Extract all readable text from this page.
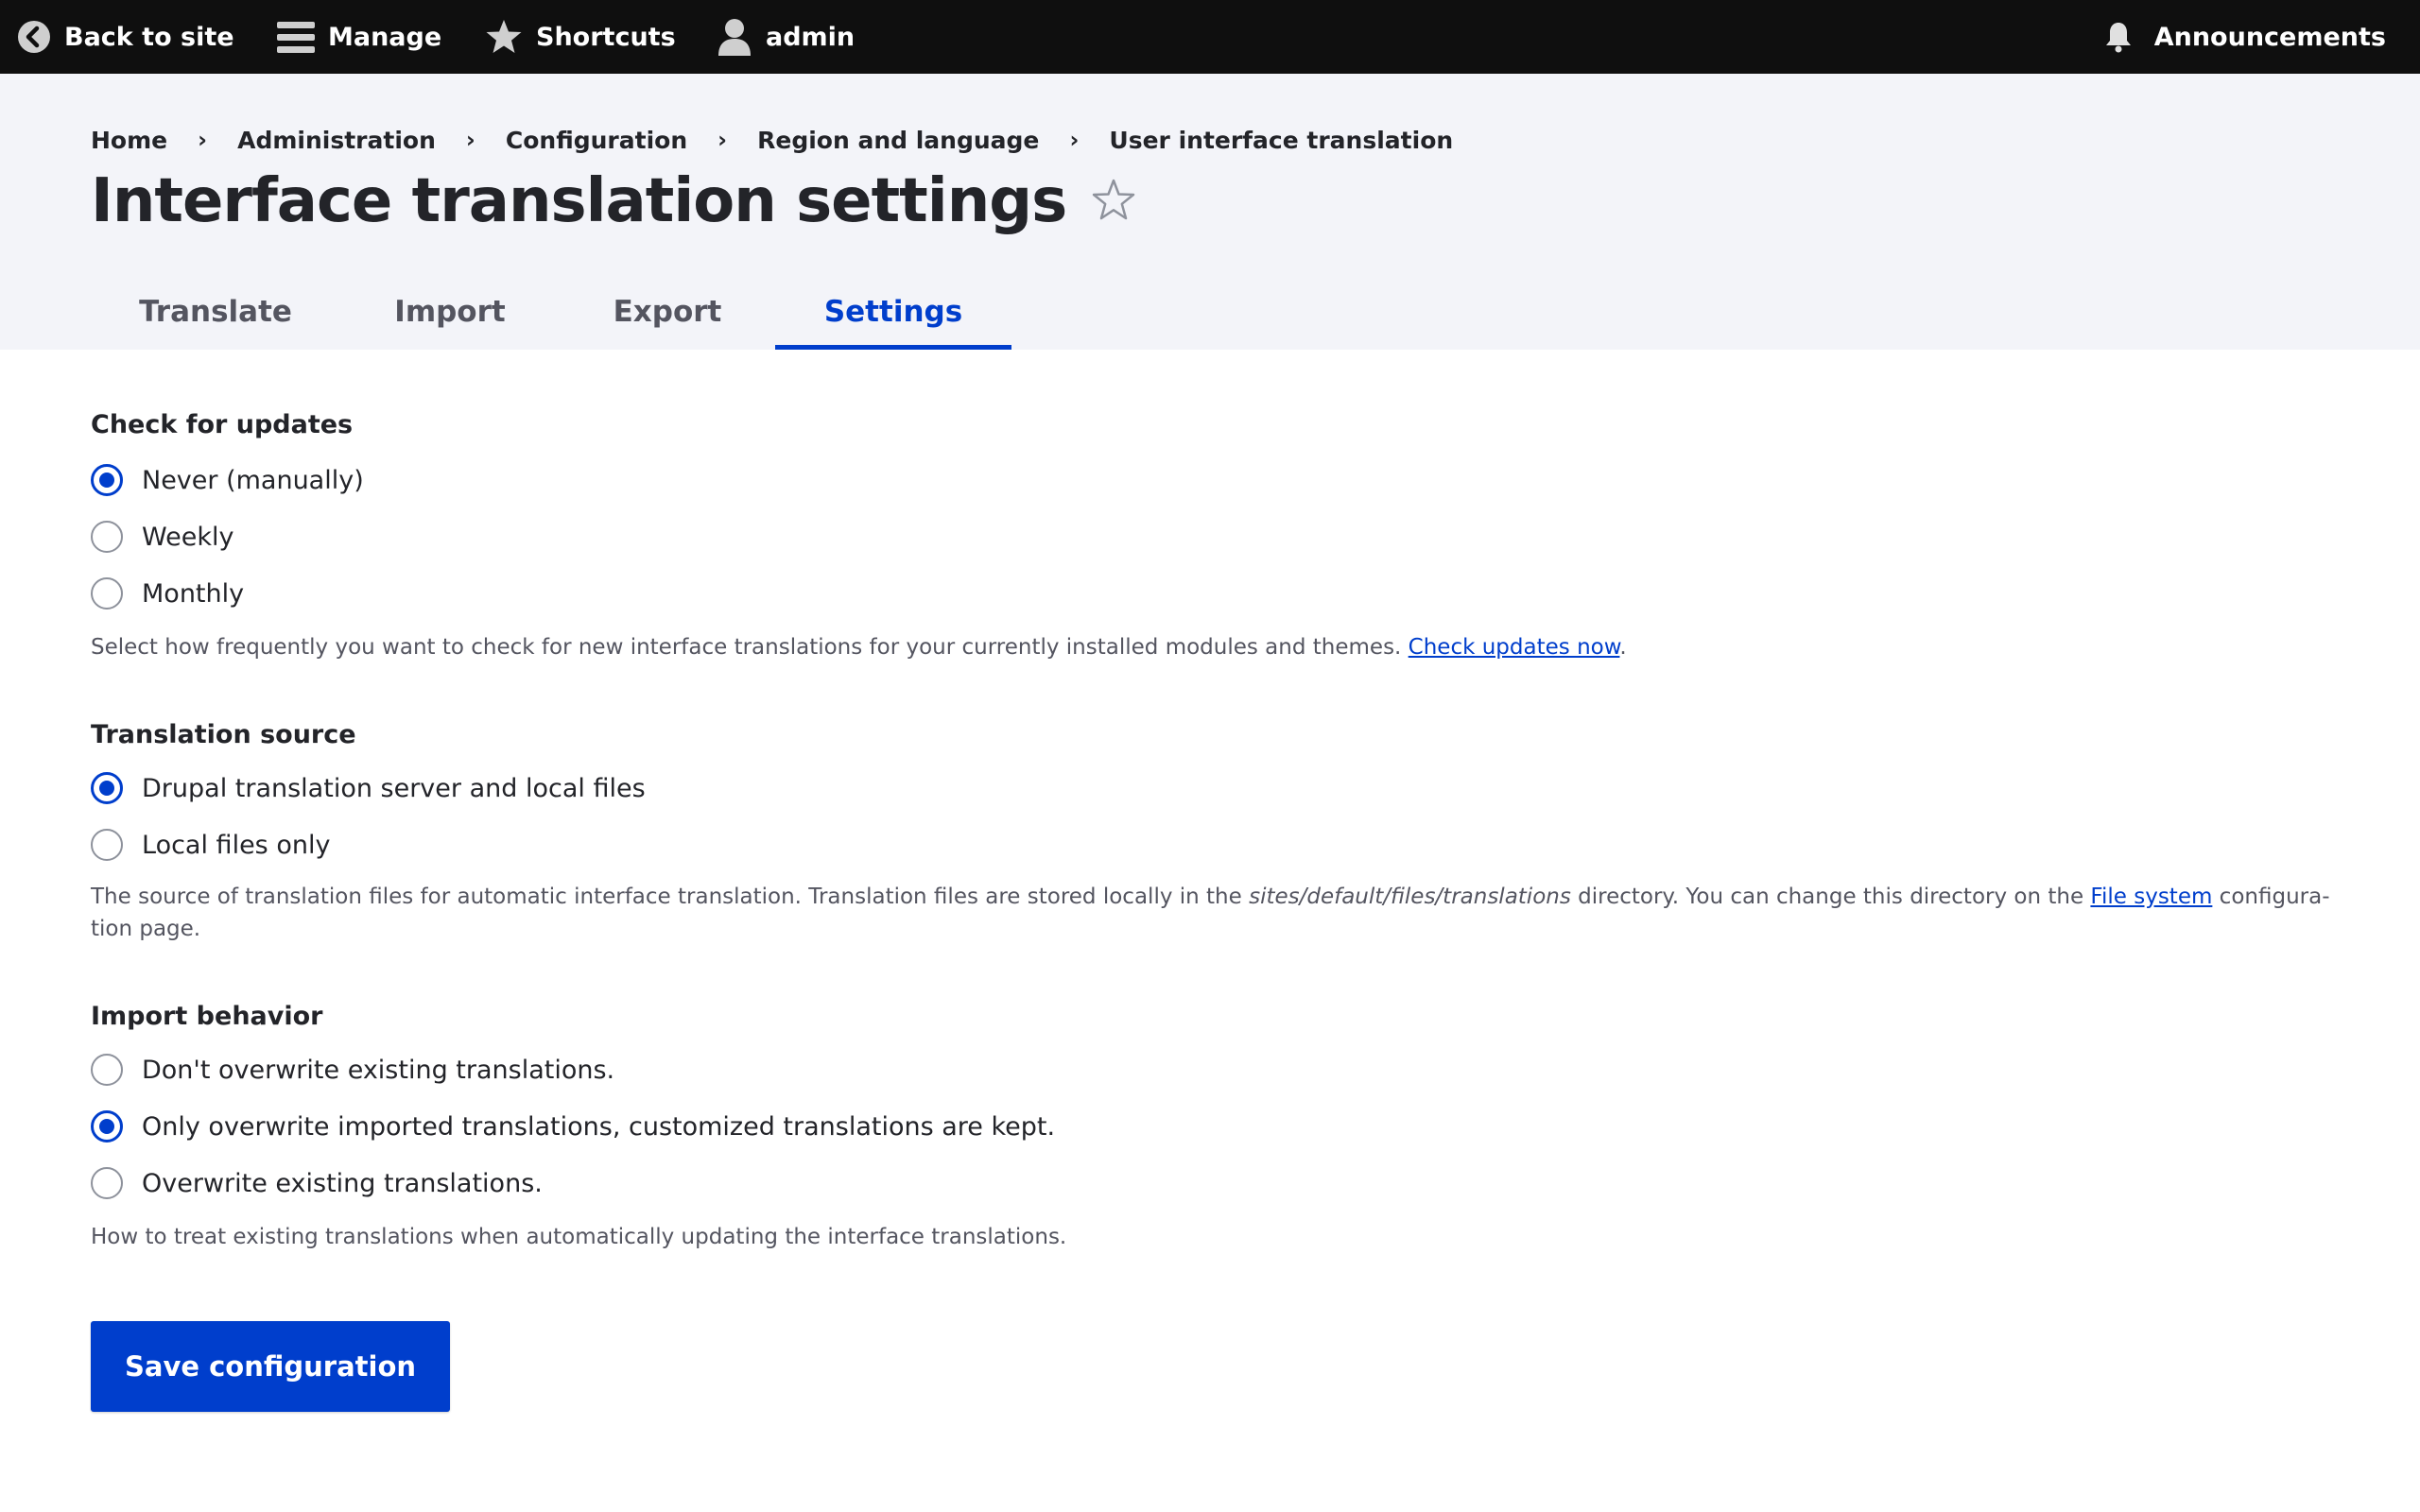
Back to site	Manage	Shortcuts	admin	Announcements
Home	›	Administration	›	Configuration	›	Region and language	›	User interface translation
Interface translation settings
Translate	Import	Export	Settings
Check for updates
Never (manually)
Weekly
Monthly
Select how frequently you want to check for new interface translations for your currently installed modules and themes. Check updates now.
Translation source
Drupal translation server and local files
Local files only
The source of translation files for automatic interface translation. Translation files are stored locally in the sites/default/files/translations directory. You can change this directory on the File system configura-tion page.
Import behavior
Don't overwrite existing translations.
Only overwrite imported translations, customized translations are kept.
Overwrite existing translations.
How to treat existing translations when automatically updating the interface translations.
Save configuration
